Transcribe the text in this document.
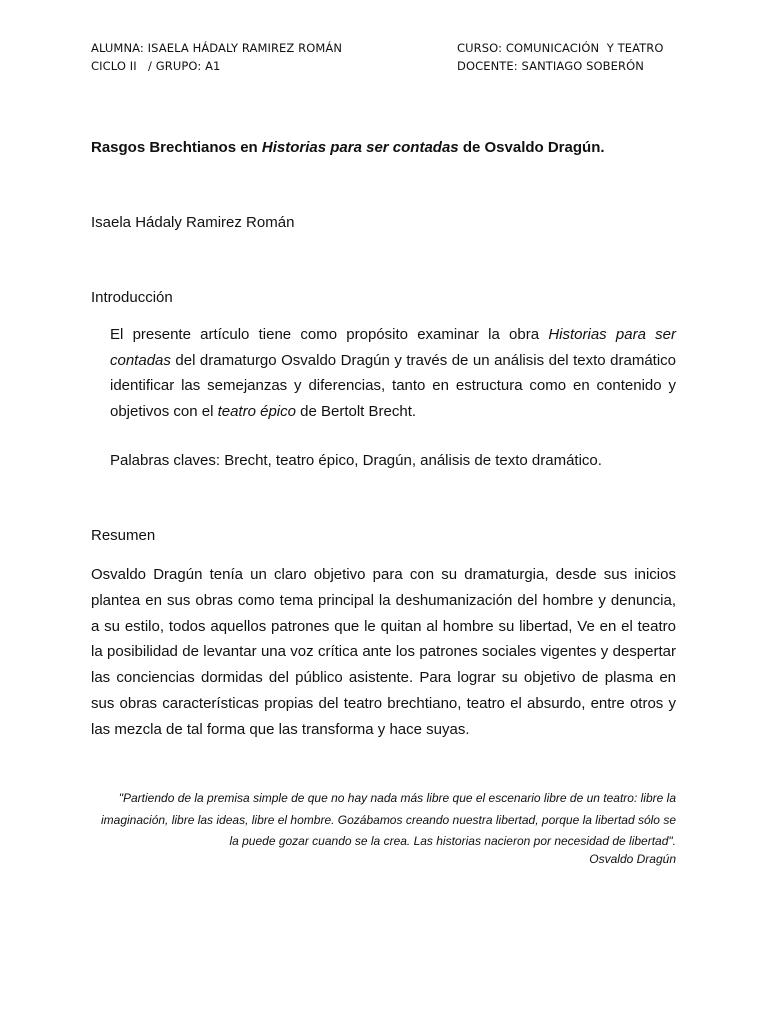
ALUMNA: ISAELA HÁDALY RAMIREZ ROMÁN	CURSO: COMUNICACIÓN  Y TEATRO
CICLO II   / GRUPO: A1	DOCENTE: SANTIAGO SOBERÓN
Rasgos Brechtianos en Historias para ser contadas de Osvaldo Dragún.
Isaela Hádaly Ramirez Román
Introducción

El presente artículo tiene como propósito examinar la obra Historias para ser contadas del dramaturgo Osvaldo Dragún y través de un análisis del texto dramático identificar las semejanzas y diferencias, tanto en estructura como en contenido y objetivos con el teatro épico de Bertolt Brecht.

Palabras claves: Brecht, teatro épico, Dragún, análisis de texto dramático.
Resumen

Osvaldo Dragún tenía un claro objetivo para con su dramaturgia, desde sus inicios plantea en sus obras como tema principal la deshumanización del hombre y denuncia, a su estilo, todos aquellos patrones que le quitan al hombre su libertad, Ve en el teatro la posibilidad de levantar una voz crítica ante los patrones sociales vigentes y despertar las conciencias dormidas del público asistente. Para lograr su objetivo de plasma en sus obras características propias del teatro brechtiano, teatro el absurdo, entre otros y las mezcla de tal forma que las transforma y hace suyas.

"Partiendo de la premisa simple de que no hay nada más libre que el escenario libre de un teatro: libre la imaginación, libre las ideas, libre el hombre. Gozábamos creando nuestra libertad, porque la libertad sólo se la puede gozar cuando se la crea. Las historias nacieron por necesidad de libertad".

Osvaldo Dragún
